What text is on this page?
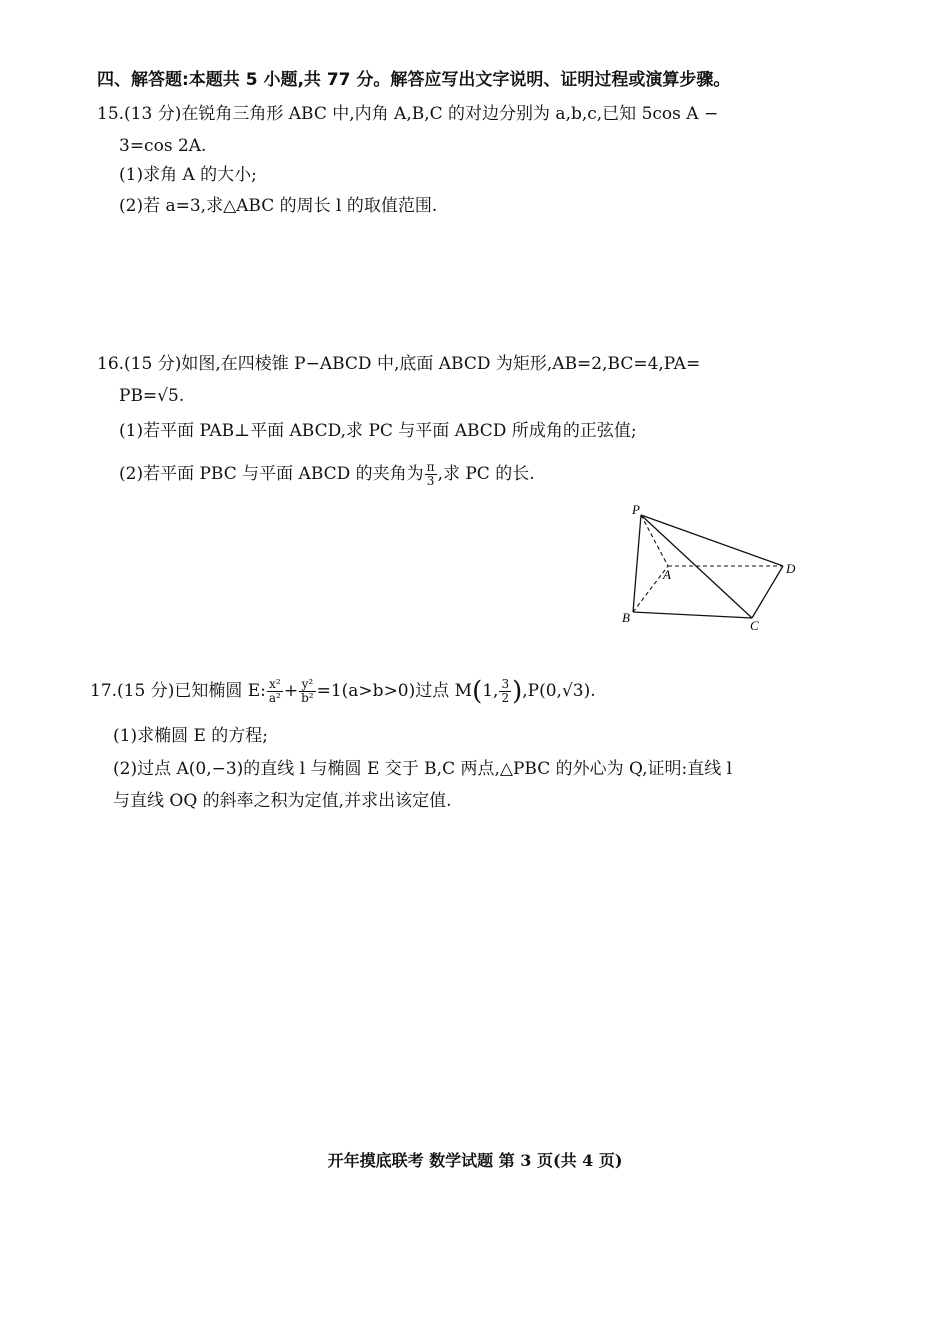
四、解答题:本题共 5 小题,共 77 分。解答应写出文字说明、证明过程或演算步骤。
15.(13 分)在锐角三角形 ABC 中,内角 A,B,C 的对边分别为 a,b,c,已知 5cos A −
3=cos 2A.
(1)求角 A 的大小;
(2)若 a=3,求△ABC 的周长 l 的取值范围.
16.(15 分)如图,在四棱锥 P−ABCD 中,底面 ABCD 为矩形,AB=2,BC=4,PA=
PB=√5.
(1)若平面 PAB⊥平面 ABCD,求 PC 与平面 ABCD 所成角的正弦值;
(2)若平面 PBC 与平面 ABCD 的夹角为 $\frac{\pi}{3}$ ,求 PC 的长.
P
A
B
C
D
17.(15 分)已知椭圆 E: $\frac{\text{x²}}{\text{a²}} + \frac{\text{y²}}{\text{b²}} =1(a>b>0)$过点 M(1, $\frac{3}{2} ),P(0,√3)$.
(1)求椭圆 E 的方程;
(2)过点 A(0,−3)的直线 l 与椭圆 E 交于 B,C 两点,△PBC 的外心为 Q,证明:直线 l
与直线 OQ 的斜率之积为定值,并求出该定值.
开年摸底联考 数学试题 第 3 页(共 4 页)
